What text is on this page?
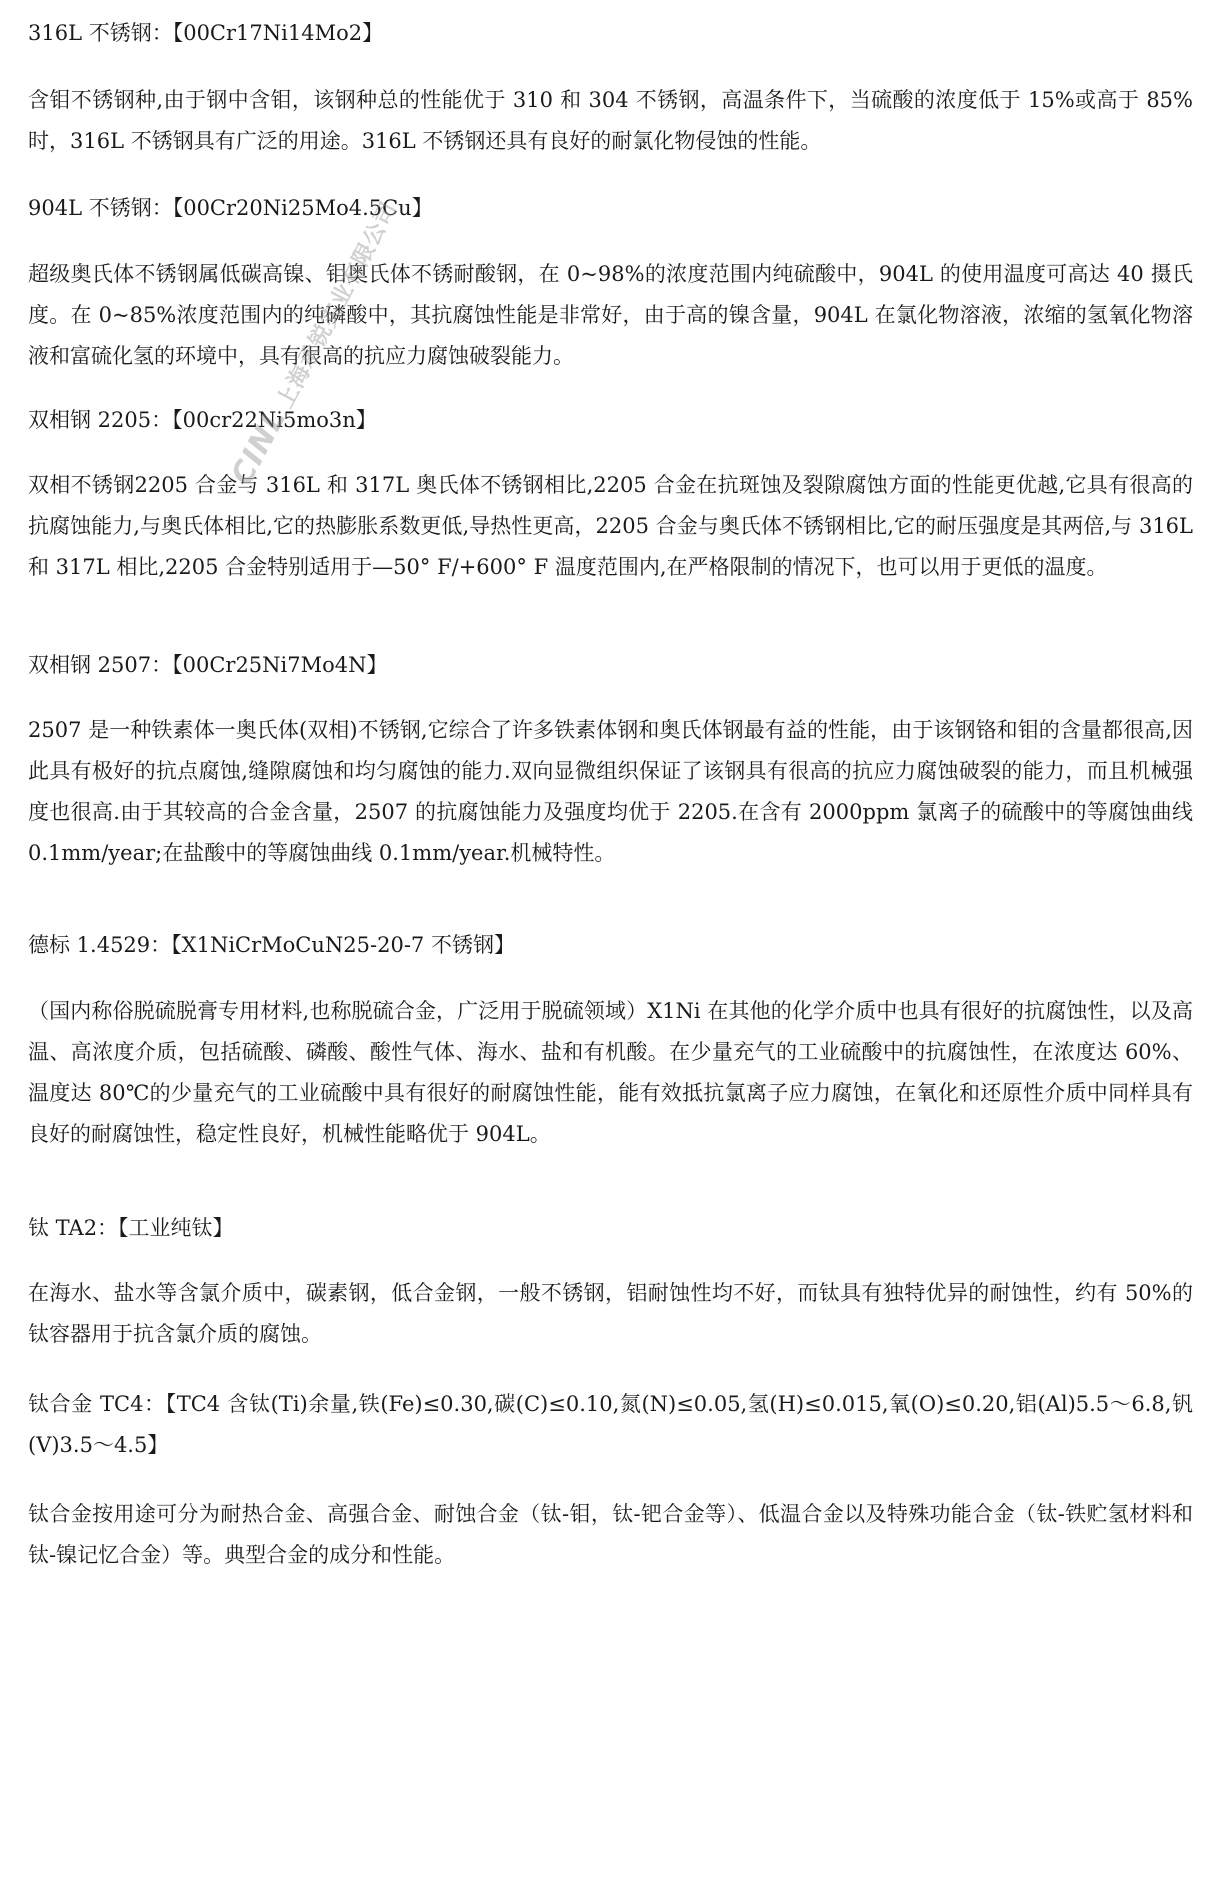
316L 不锈钢：【00Cr17Ni14Mo2】
含钼不锈钢种,由于钢中含钼，该钢种总的性能优于 310 和 304 不锈钢，高温条件下，当硫酸的浓度低于 15%或高于 85%时，316L 不锈钢具有广泛的用途。316L 不锈钢还具有良好的耐氯化物侵蚀的性能。
904L 不锈钢：【00Cr20Ni25Mo4.5Cu】
超级奥氏体不锈钢属低碳高镍、钼奥氏体不锈耐酸钢，在 0~98%的浓度范围内纯硫酸中，904L 的使用温度可高达 40 摄氏度。在 0~85%浓度范围内的纯磷酸中，其抗腐蚀性能是非常好，由于高的镍含量，904L 在氯化物溶液，浓缩的氢氧化物溶液和富硫化氢的环境中，具有很高的抗应力腐蚀破裂能力。
双相钢 2205：【00cr22Ni5mo3n】
双相不锈钢2205 合金与 316L 和 317L 奥氏体不锈钢相比,2205 合金在抗斑蚀及裂隙腐蚀方面的性能更优越,它具有很高的抗腐蚀能力,与奥氏体相比,它的热膨胀系数更低,导热性更高，2205 合金与奥氏体不锈钢相比,它的耐压强度是其两倍,与 316L 和 317L 相比,2205 合金特别适用于—50° F/+600° F 温度范围内,在严格限制的情况下，也可以用于更低的温度。
双相钢 2507：【00Cr25Ni7Mo4N】
2507 是一种铁素体一奥氏体(双相)不锈钢,它综合了许多铁素体钢和奥氏体钢最有益的性能，由于该钢铬和钼的含量都很高,因此具有极好的抗点腐蚀,缝隙腐蚀和均匀腐蚀的能力.双向显微组织保证了该钢具有很高的抗应力腐蚀破裂的能力，而且机械强度也很高.由于其较高的合金含量，2507 的抗腐蚀能力及强度均优于 2205.在含有 2000ppm 氯离子的硫酸中的等腐蚀曲线 0.1mm/year;在盐酸中的等腐蚀曲线 0.1mm/year.机械特性。
德标 1.4529：【X1NiCrMoCuN25-20-7 不锈钢】
（国内称俗脱硫脱膏专用材料,也称脱硫合金，广泛用于脱硫领域）X1Ni 在其他的化学介质中也具有很好的抗腐蚀性，以及高温、高浓度介质，包括硫酸、磷酸、酸性气体、海水、盐和有机酸。在少量充气的工业硫酸中的抗腐蚀性，在浓度达 60%、温度达 80℃的少量充气的工业硫酸中具有很好的耐腐蚀性能，能有效抵抗氯离子应力腐蚀，在氧化和还原性介质中同样具有良好的耐腐蚀性，稳定性良好，机械性能略优于 904L。
钛 TA2：【工业纯钛】
在海水、盐水等含氯介质中，碳素钢，低合金钢，一般不锈钢，铝耐蚀性均不好，而钛具有独特优异的耐蚀性，约有 50%的钛容器用于抗含氯介质的腐蚀。
钛合金 TC4：【TC4 含钛(Ti)余量,铁(Fe)≤0.30,碳(C)≤0.10,氮(N)≤0.05,氢(H)≤0.015,氧(O)≤0.20,铝(Al)5.5～6.8,钒(V)3.5～4.5】
钛合金按用途可分为耐热合金、高强合金、耐蚀合金（钛-钼，钛-钯合金等）、低温合金以及特殊功能合金（钛-铁贮氢材料和钛-镍记忆合金）等。典型合金的成分和性能。
CINL上海承锐实业有限公司
